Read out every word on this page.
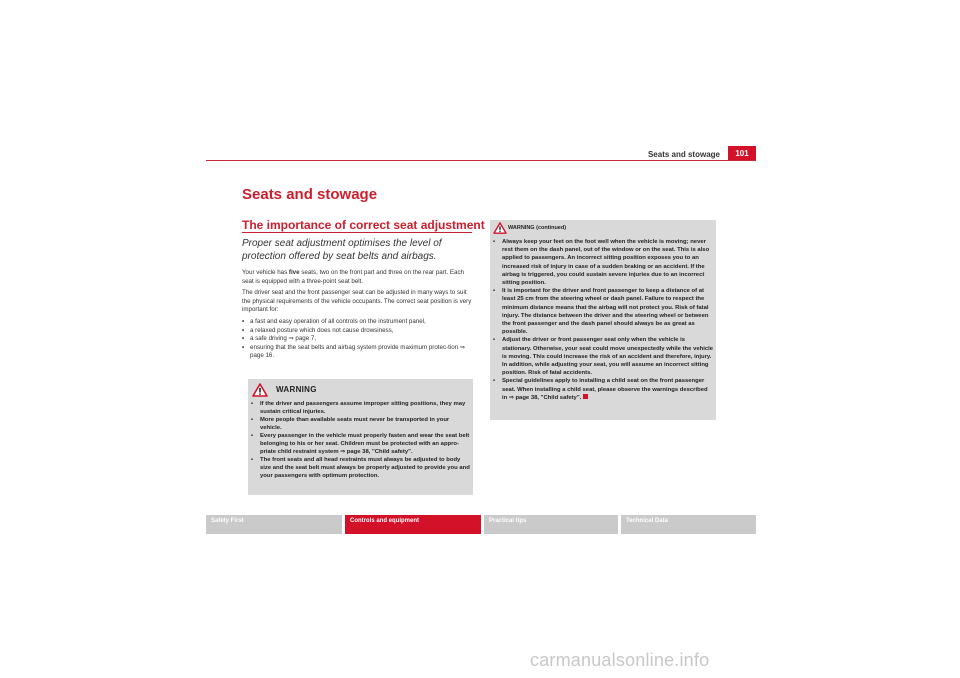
Seats and stowage	101
Seats and stowage
The importance of correct seat adjustment

Proper seat adjustment optimises the level of protection offered by seat belts and airbags.

Your vehicle has five seats, two on the front part and three on the rear part. Each seat is equipped with a three-point seat belt.

The driver seat and the front passenger seat can be adjusted in many ways to suit the physical requirements of the vehicle occupants. The correct seat position is very important for:

• a fast and easy operation of all controls on the instrument panel,
• a relaxed posture which does not cause drowsiness,
• a safe driving ⇒ page 7,
• ensuring that the seat belts and airbag system provide maximum protec-tion ⇒ page 16.
WARNING
• If the driver and passengers assume improper sitting positions, they may sustain critical injuries.
• More people than available seats must never be transported in your vehicle.
• Every passenger in the vehicle must properly fasten and wear the seat belt belonging to his or her seat. Children must be protected with an appro-priate child restraint system ⇒ page 38, "Child safety".
• The front seats and all head restraints must always be adjusted to body size and the seat belt must always be properly adjusted to provide you and your passengers with optimum protection.
WARNING (continued)
• Always keep your feet on the foot well when the vehicle is moving; never rest them on the dash panel, out of the window or on the seat. This is also applied to passengers. An incorrect sitting position exposes you to an increased risk of injury in case of a sudden braking or an accident. If the airbag is triggered, you could sustain severe injuries due to an incorrect sitting position.
• It is important for the driver and front passenger to keep a distance of at least 25 cm from the steering wheel or dash panel. Failure to respect the minimum distance means that the airbag will not protect you. Risk of fatal injury. The distance between the driver and the steering wheel or between the front passenger and the dash panel should always be as great as possible.
• Adjust the driver or front passenger seat only when the vehicle is stationary. Otherwise, your seat could move unexpectedly while the vehicle is moving. This could increase the risk of an accident and therefore, injury. In addition, while adjusting your seat, you will assume an incorrect sitting position. Risk of fatal accidents.
• Special guidelines apply to installing a child seat on the front passenger seat. When installing a child seat, please observe the warnings described in ⇒ page 38, "Child safety".
Safety First	Controls and equipment	Practical tips	Technical Data
carmanualsonline.info
